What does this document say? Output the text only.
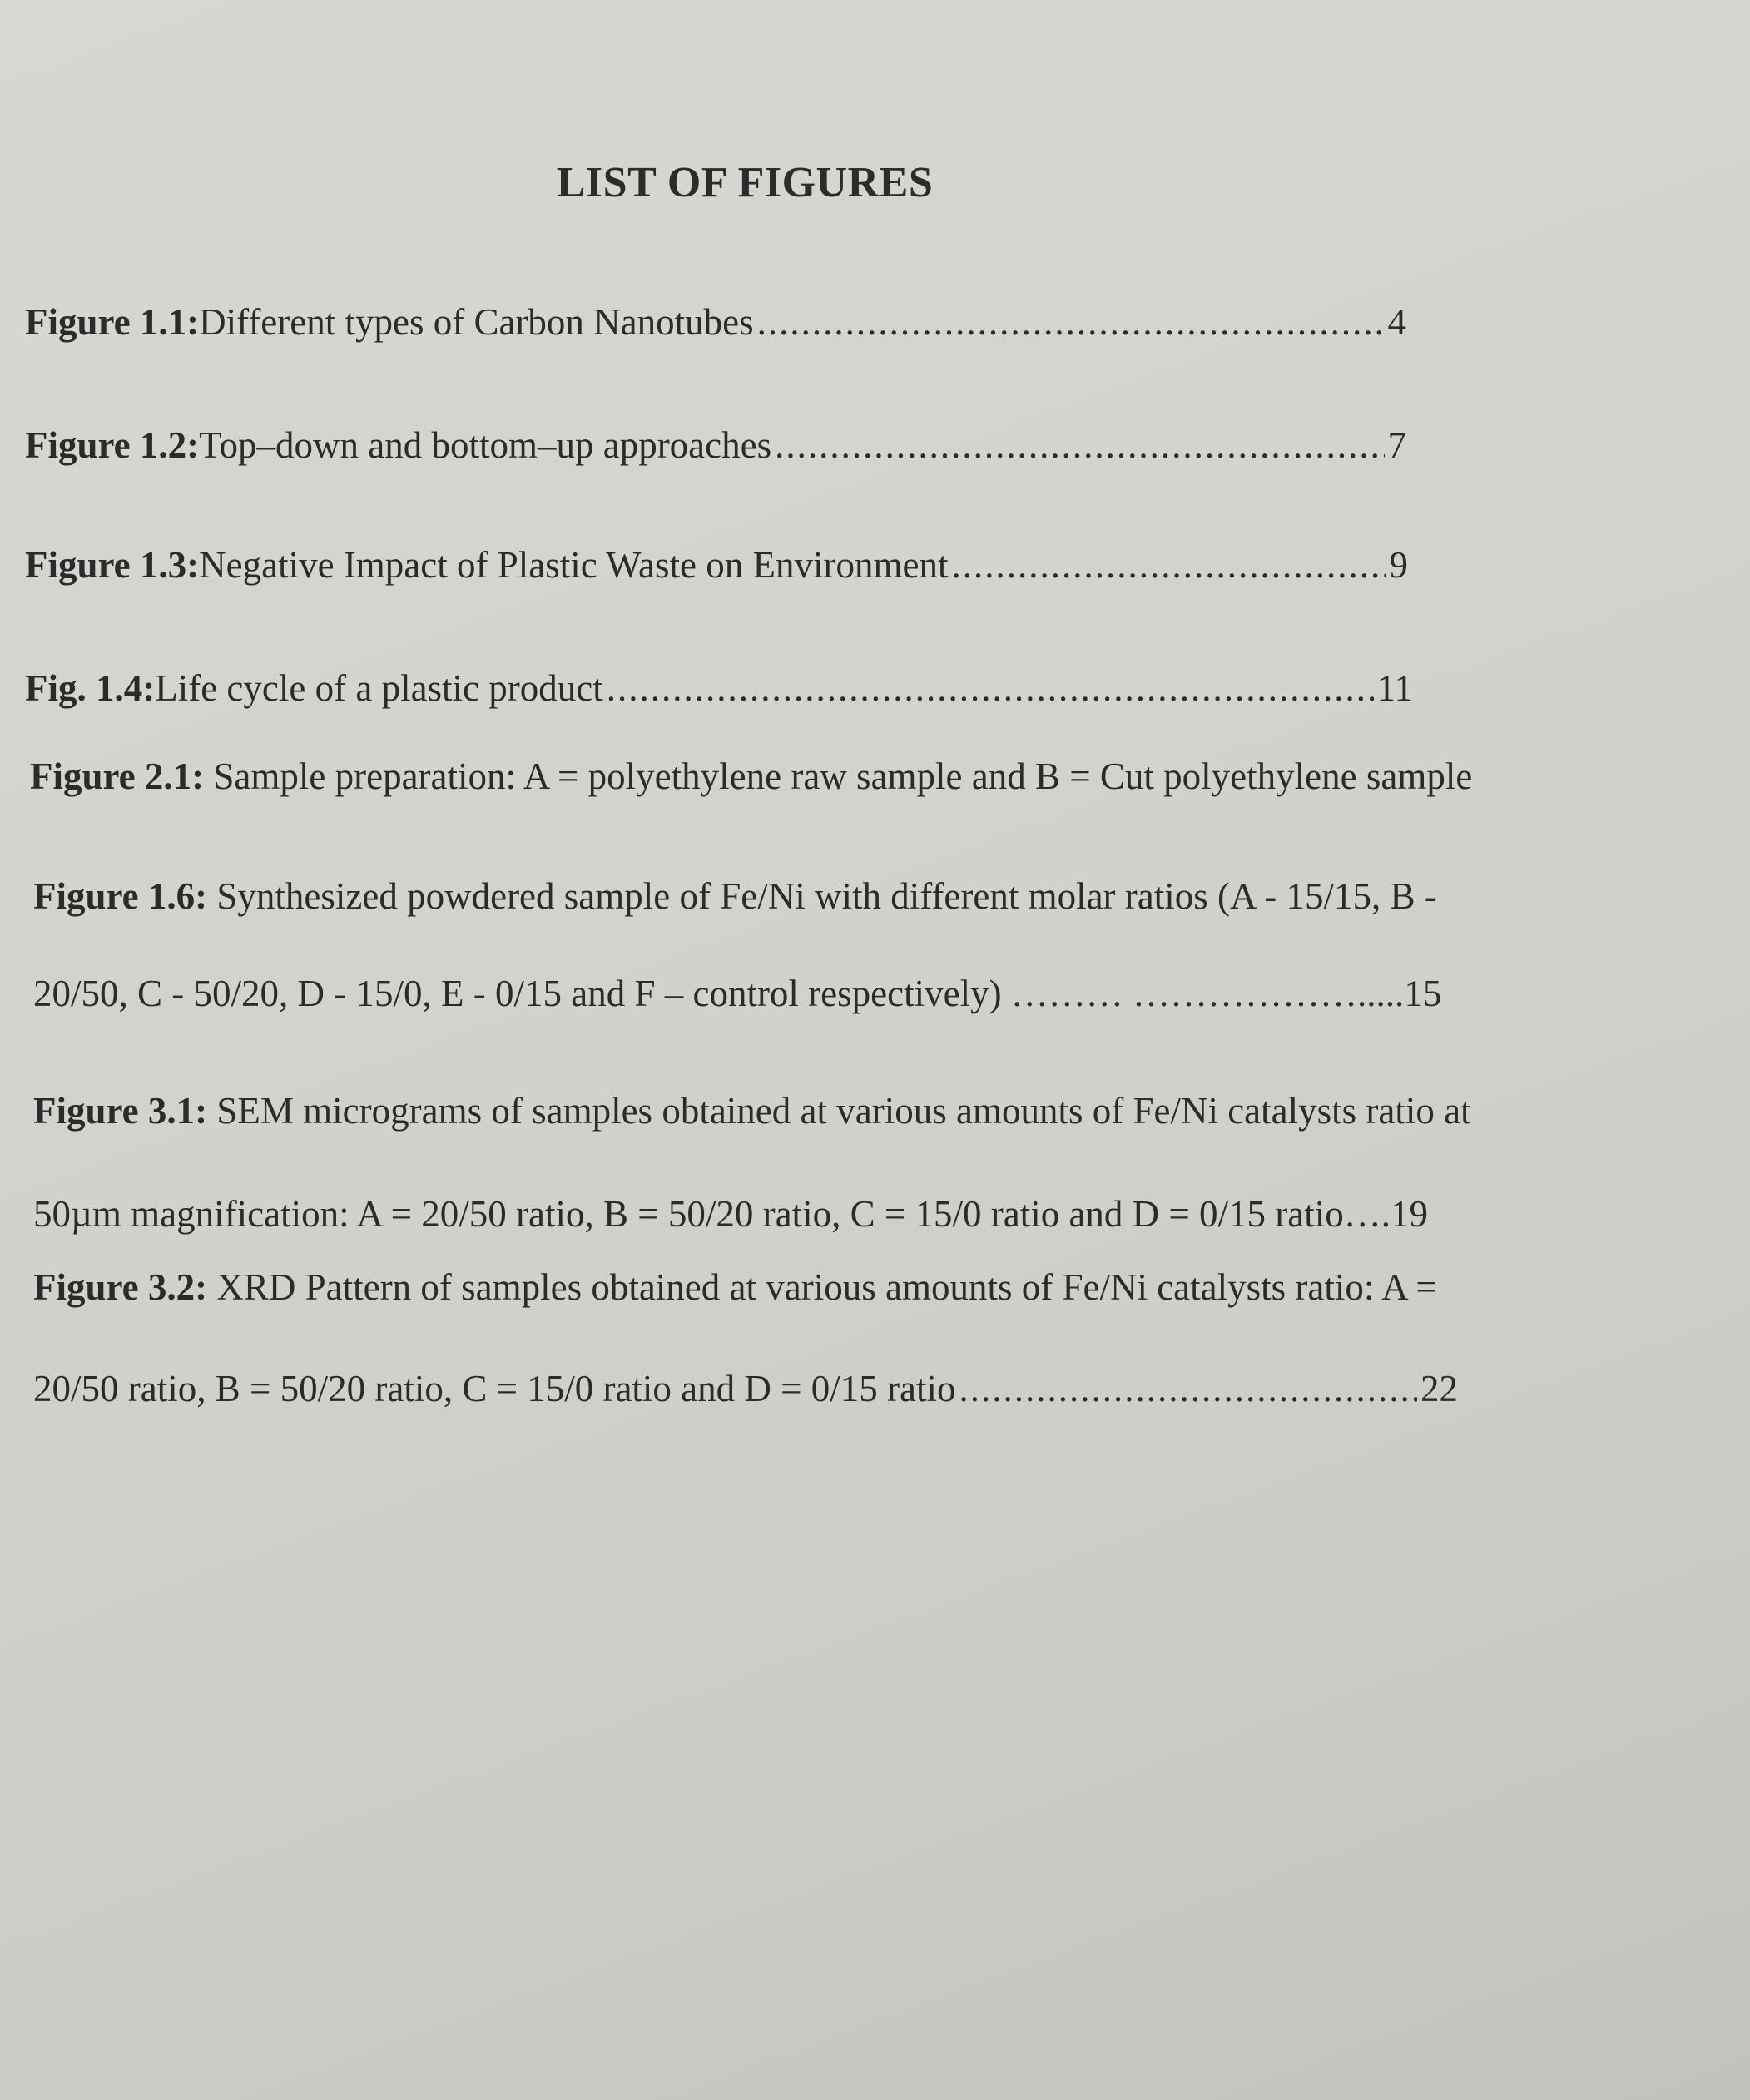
LIST OF FIGURES
Figure 1.1: Different types of Carbon Nanotubes .....	4
Figure 1.2: Top–down and bottom–up approaches .....	7
Figure 1.3: Negative Impact of Plastic Waste on Environment .....	9
Fig. 1.4: Life cycle of a plastic product .....	11
Figure 2.1: Sample preparation: A = polyethylene raw sample and B = Cut polyethylene sample
Figure 1.6: Synthesized powdered sample of Fe/Ni with different molar ratios (A - 15/15, B -
20/50, C - 50/20, D - 15/0, E - 0/15 and F – control respectively) ……… ……………….....15
Figure 3.1: SEM micrograms of samples obtained at various amounts of Fe/Ni catalysts ratio at
50µm magnification: A = 20/50 ratio, B = 50/20 ratio, C = 15/0 ratio and D = 0/15 ratio….19
Figure 3.2: XRD Pattern of samples obtained at various amounts of Fe/Ni catalysts ratio: A =
20/50 ratio, B = 50/20 ratio, C = 15/0 ratio and D = 0/15 ratio .....	22
